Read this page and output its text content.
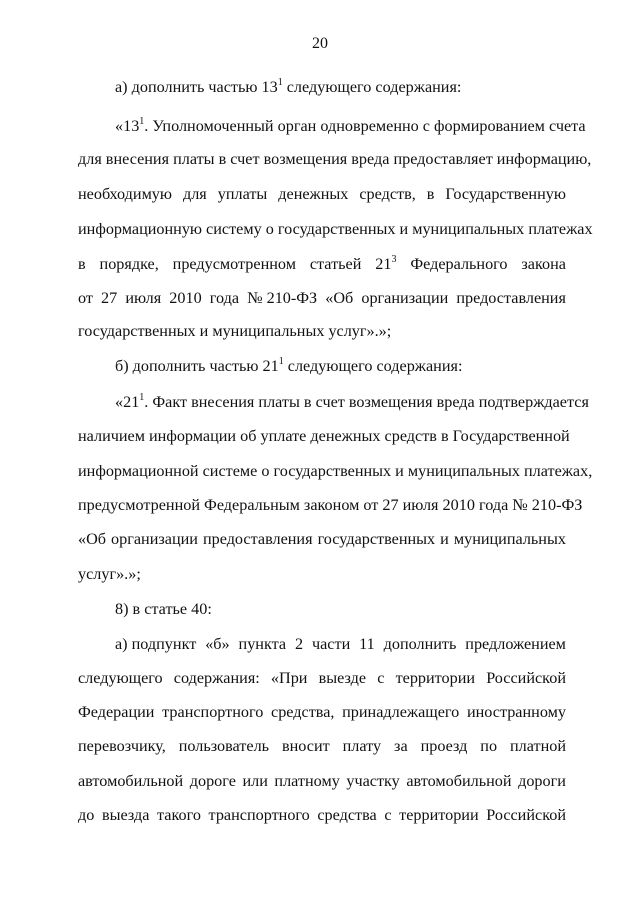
20
а) дополнить частью $13^1$ следующего содержания:
«$13^1$. Уполномоченный орган одновременно с формированием счета
для внесения платы в счет возмещения вреда предоставляет информацию,
необходимую для уплаты денежных средств, в Государственную
информационную систему о государственных и муниципальных платежах
в порядке, предусмотренном статьей $21^3$ Федерального закона
от 27 июля 2010 года № 210-ФЗ «Об организации предоставления
государственных и муниципальных услуг».»;
б) дополнить частью $21^1$ следующего содержания:
«$21^1$. Факт внесения платы в счет возмещения вреда подтверждается
наличием информации об уплате денежных средств в Государственной
информационной системе о государственных и муниципальных платежах,
предусмотренной Федеральным законом от 27 июля 2010 года № 210-ФЗ
«Об организации предоставления государственных и муниципальных
услуг».»;
8) в статье 40:
а) подпункт «б» пункта 2 части 11 дополнить предложением
следующего содержания: «При выезде с территории Российской
Федерации транспортного средства, принадлежащего иностранному
перевозчику, пользователь вносит плату за проезд по платной
автомобильной дороге или платному участку автомобильной дороги
до выезда такого транспортного средства с территории Российской
